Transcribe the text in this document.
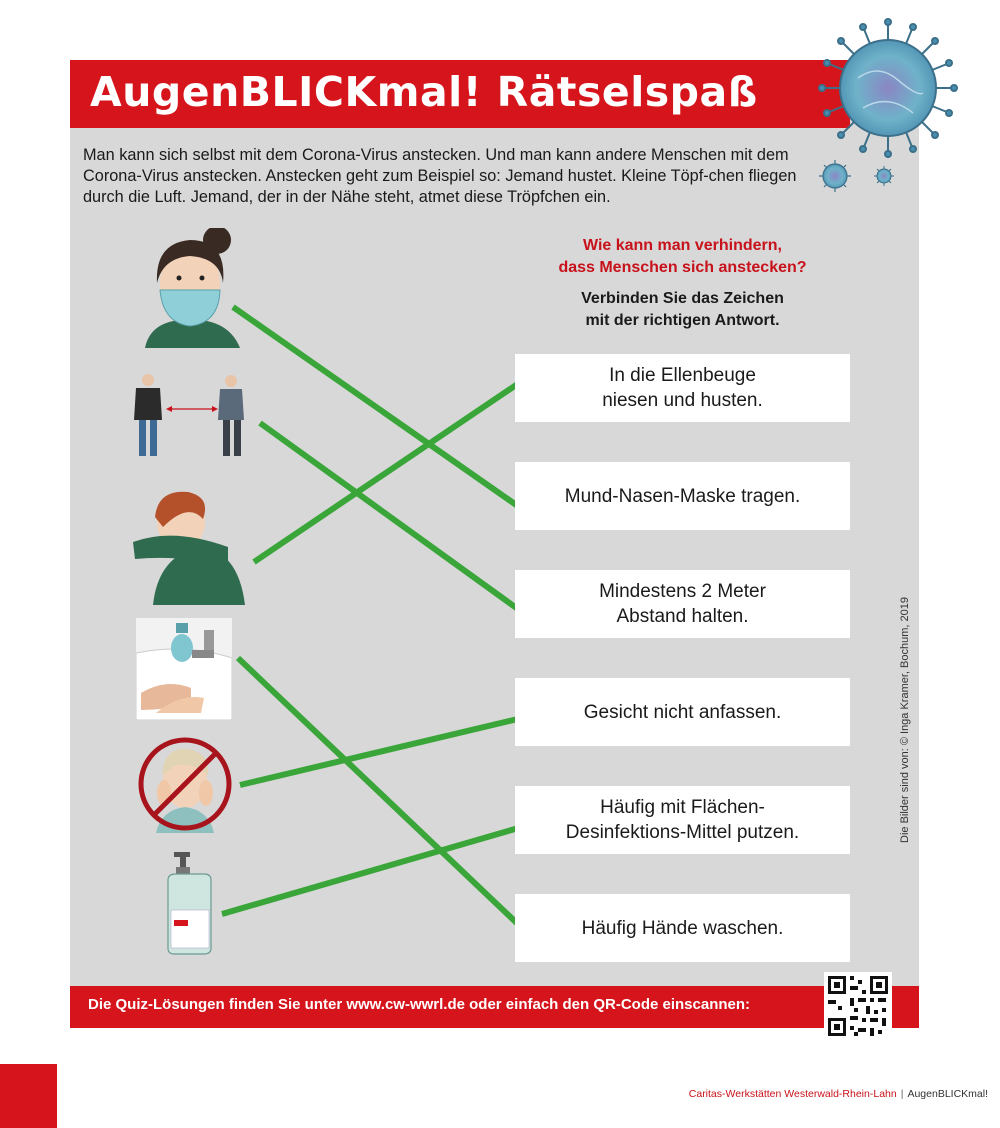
AugenBLICKmal! Rätselspaß
Man kann sich selbst mit dem Corona-Virus anstecken. Und man kann andere Menschen mit dem Corona-Virus anstecken. Anstecken geht zum Beispiel so: Jemand hustet. Kleine Töpf-chen fliegen durch die Luft. Jemand, der in der Nähe steht, atmet diese Tröpfchen ein.
Wie kann man verhindern,
dass Menschen sich anstecken?
Verbinden Sie das Zeichen
mit der richtigen Antwort.
In die Ellenbeuge
niesen und husten.
Mund-Nasen-Maske tragen.
Mindestens 2 Meter
Abstand halten.
Gesicht nicht anfassen.
Häufig mit Flächen-
Desinfektions-Mittel putzen.
Häufig Hände waschen.
Die Bilder sind von: © Inga Kramer, Bochum, 2019
Die Quiz-Lösungen finden Sie unter www.cw-wwrl.de oder einfach den QR-Code einscannen:
Caritas-Werkstätten Westerwald-Rhein-Lahn | AugenBLICKmal!
